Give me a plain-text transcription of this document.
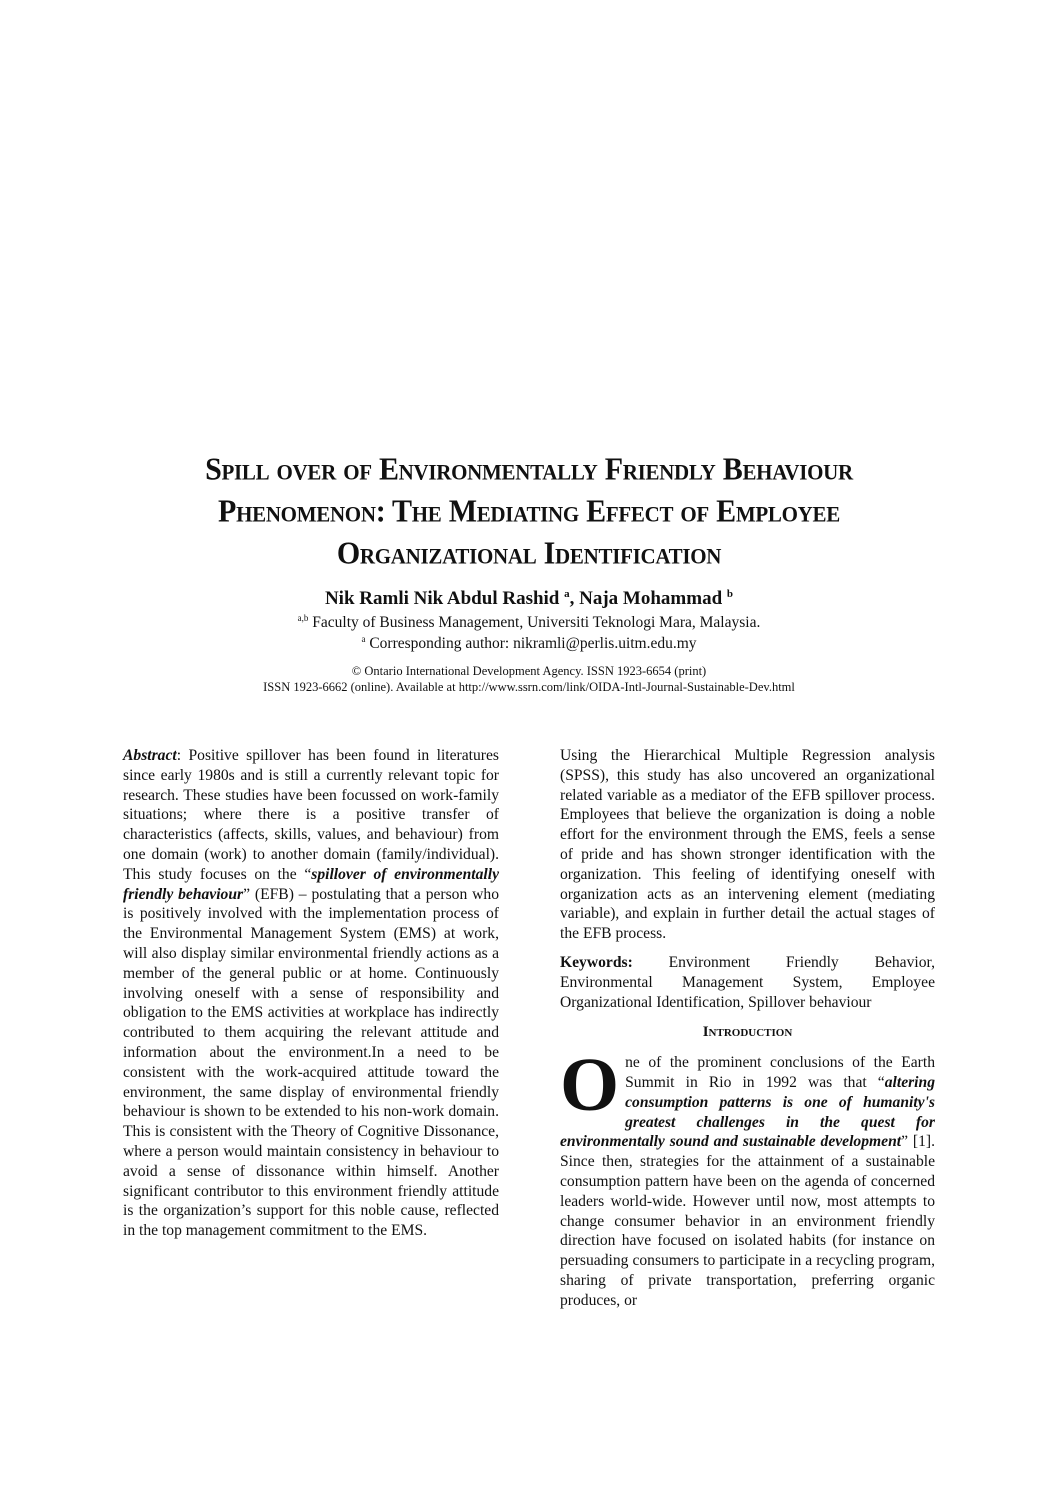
Spill over of Environmentally Friendly Behaviour
Phenomenon: The Mediating Effect of Employee
Organizational Identification
Nik Ramli Nik Abdul Rashid $^a$, Naja Mohammad $^b$
$^{a,b}$ Faculty of Business Management, Universiti Teknologi Mara, Malaysia.
$^a$ Corresponding author: nikramli@perlis.uitm.edu.my
© Ontario International Development Agency. ISSN 1923-6654 (print)
ISSN 1923-6662 (online). Available at http://www.ssrn.com/link/OIDA-Intl-Journal-Sustainable-Dev.html

Abstract: Positive spillover has been found in literatures since early 1980s and is still a currently relevant topic for research. These studies have been focussed on work-family situations; where there is a positive transfer of characteristics (affects, skills, values, and behaviour) from one domain (work) to another domain (family/individual). This study focuses on the “spillover of environmentally friendly behaviour” (EFB) – postulating that a person who is positively involved with the implementation process of the Environmental Management System (EMS) at work, will also display similar environmental friendly actions as a member of the general public or at home. Continuously involving oneself with a sense of responsibility and obligation to the EMS activities at workplace has indirectly contributed to them acquiring the relevant attitude and information about the environment.In a need to be consistent with the work-acquired attitude toward the environment, the same display of environmental friendly behaviour is shown to be extended to his non-work domain. This is consistent with the Theory of Cognitive Dissonance, where a person would maintain consistency in behaviour to avoid a sense of dissonance within himself. Another significant contributor to this environment friendly attitude is the organization’s support for this noble cause, reflected in the top management commitment to the EMS.

Using the Hierarchical Multiple Regression analysis (SPSS), this study has also uncovered an organizational related variable as a mediator of the EFB spillover process. Employees that believe the organization is doing a noble effort for the environment through the EMS, feels a sense of pride and has shown stronger identification with the organization. This feeling of identifying oneself with organization acts as an intervening element (mediating variable), and explain in further detail the actual stages of the EFB process.

Keywords: Environment Friendly Behavior, Environmental Management System, Employee Organizational Identification, Spillover behaviour

Introduction

One of the prominent conclusions of the Earth Summit in Rio in 1992 was that “altering consumption patterns is one of humanity's greatest challenges in the quest for environmentally sound and sustainable development” [1]. Since then, strategies for the attainment of a sustainable consumption pattern have been on the agenda of concerned leaders world-wide. However until now, most attempts to change consumer behavior in an environment friendly direction have focused on isolated habits (for instance on persuading consumers to participate in a recycling program, sharing of private transportation, preferring organic produces, or
